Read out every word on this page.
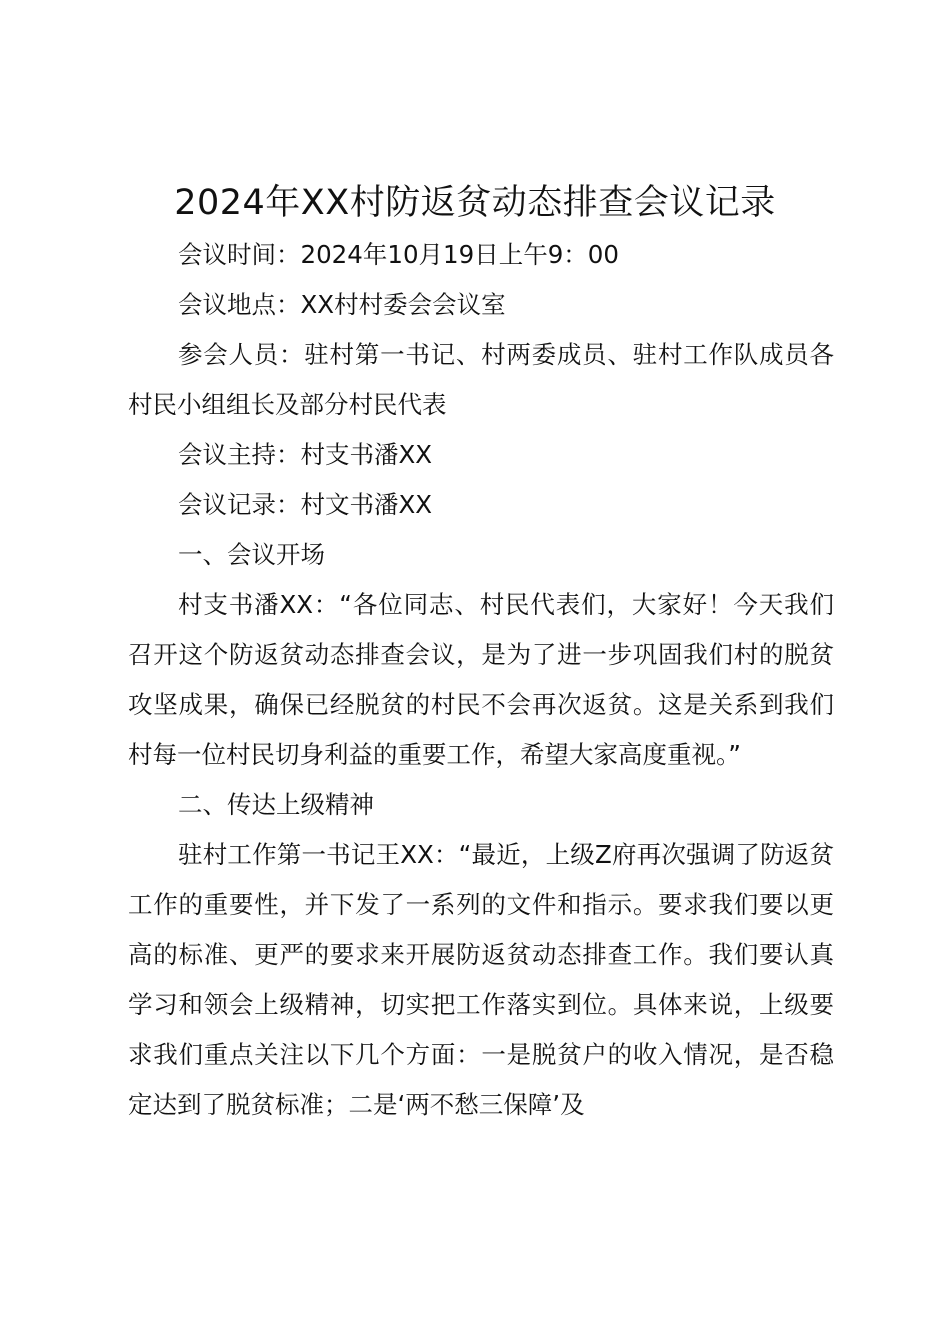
2024年XX村防返贫动态排查会议记录

会议时间：2024年10月19日上午9：00

会议地点：XX村村委会会议室

参会人员：驻村第一书记、村两委成员、驻村工作队成员各村民小组组长及部分村民代表

会议主持：村支书潘XX

会议记录：村文书潘XX

一、会议开场

村支书潘XX：“各位同志、村民代表们，大家好！今天我们召开这个防返贫动态排查会议，是为了进一步巩固我们村的脱贫攻坚成果，确保已经脱贫的村民不会再次返贫。这是关系到我们村每一位村民切身利益的重要工作，希望大家高度重视。”

二、传达上级精神

驻村工作第一书记王XX：“最近，上级Z府再次强调了防返贫工作的重要性，并下发了一系列的文件和指示。要求我们要以更高的标准、更严的要求来开展防返贫动态排查工作。我们要认真学习和领会上级精神，切实把工作落实到位。具体来说，上级要求我们重点关注以下几个方面：一是脱贫户的收入情况，是否稳定达到了脱贫标准；二是‘两不愁三保障’及
